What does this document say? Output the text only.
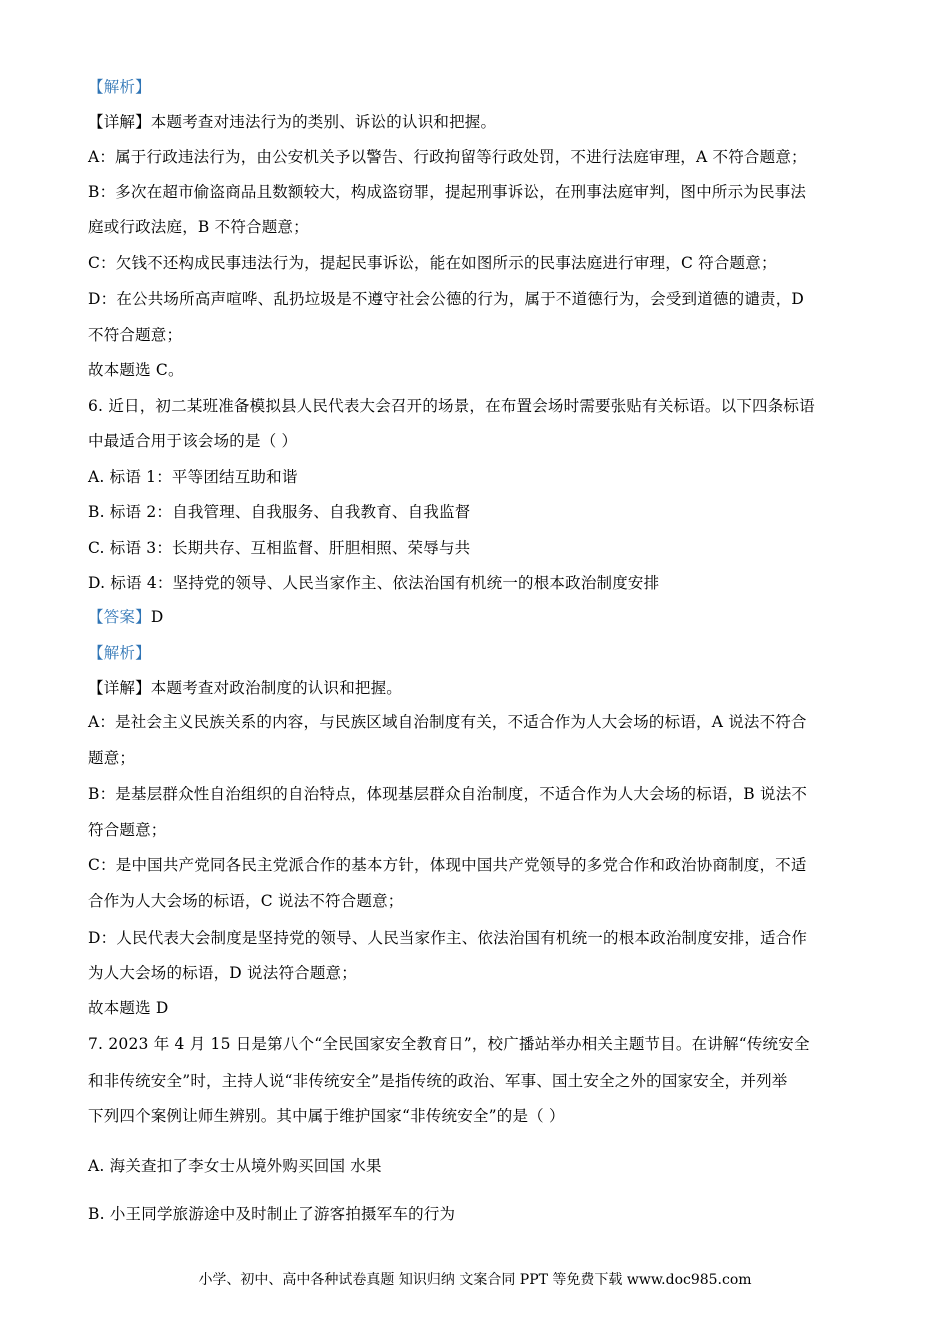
【解析】
【详解】本题考查对违法行为的类别、诉讼的认识和把握。
A：属于行政违法行为，由公安机关予以警告、行政拘留等行政处罚，不进行法庭审理，A 不符合题意；
B：多次在超市偷盗商品且数额较大，构成盗窃罪，提起刑事诉讼，在刑事法庭审判，图中所示为民事法
庭或行政法庭，B 不符合题意；
C：欠钱不还构成民事违法行为，提起民事诉讼，能在如图所示的民事法庭进行审理，C 符合题意；
D：在公共场所高声喧哗、乱扔垃圾是不遵守社会公德的行为，属于不道德行为，会受到道德的谴责，D
不符合题意；
故本题选 C。
6. 近日，初二某班准备模拟县人民代表大会召开的场景，在布置会场时需要张贴有关标语。以下四条标语
中最适合用于该会场的是（ ）
A. 标语 1：平等团结互助和谐
B. 标语 2：自我管理、自我服务、自我教育、自我监督
C. 标语 3：长期共存、互相监督、肝胆相照、荣辱与共
D. 标语 4：坚持党的领导、人民当家作主、依法治国有机统一的根本政治制度安排
【答案】D
【解析】
【详解】本题考查对政治制度的认识和把握。
A：是社会主义民族关系的内容，与民族区域自治制度有关，不适合作为人大会场的标语，A 说法不符合
题意；
B：是基层群众性自治组织的自治特点，体现基层群众自治制度，不适合作为人大会场的标语，B 说法不
符合题意；
C：是中国共产党同各民主党派合作的基本方针，体现中国共产党领导的多党合作和政治协商制度，不适
合作为人大会场的标语，C 说法不符合题意；
D：人民代表大会制度是坚持党的领导、人民当家作主、依法治国有机统一的根本政治制度安排，适合作
为人大会场的标语，D 说法符合题意；
故本题选 D
7. 2023 年 4 月 15 日是第八个“全民国家安全教育日”，校广播站举办相关主题节目。在讲解“传统安全
和非传统安全”时，主持人说“非传统安全”是指传统的政治、军事、国土安全之外的国家安全，并列举
下列四个案例让师生辨别。其中属于维护国家“非传统安全”的是（ ）
A. 海关查扣了李女士从境外购买回国 水果
B. 小王同学旅游途中及时制止了游客拍摄军车的行为
小学、初中、高中各种试卷真题 知识归纳 文案合同 PPT 等免费下载 www.doc985.com
